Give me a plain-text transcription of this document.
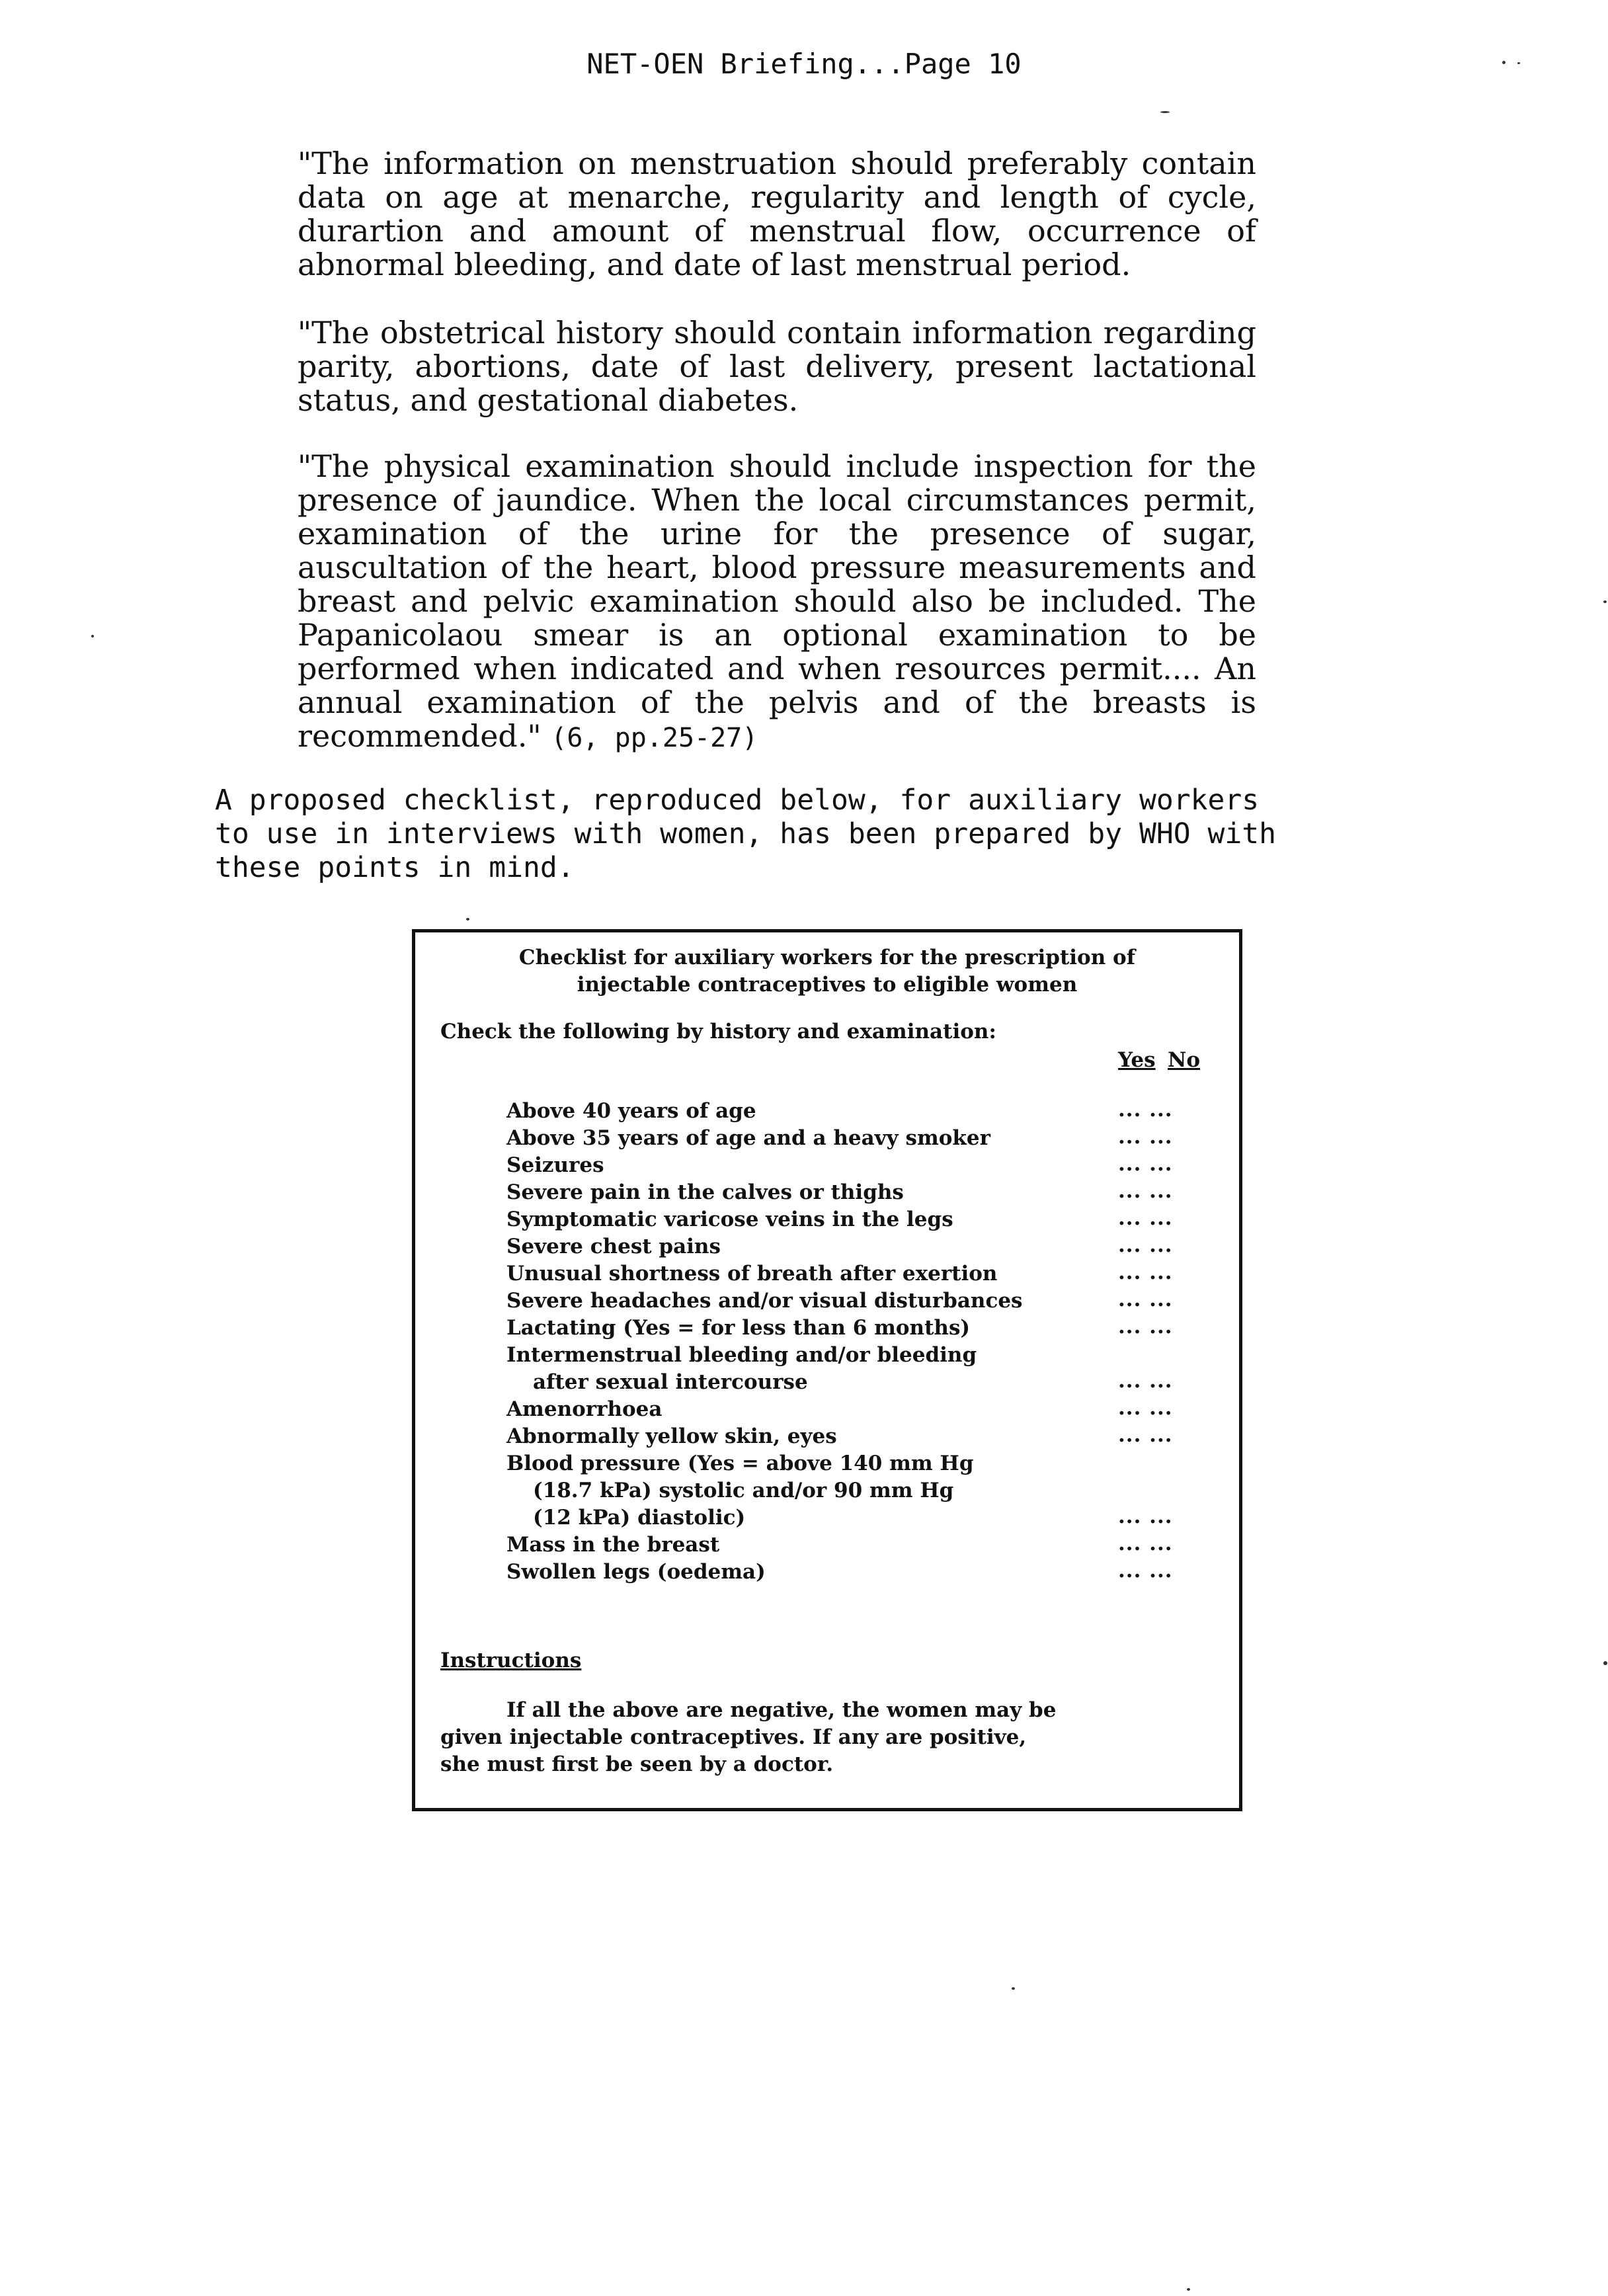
NET-OEN Briefing...Page 10

"The information on menstruation should preferably contain data on age at menarche, regularity and length of cycle, durartion and amount of menstrual flow, occurrence of abnormal bleeding, and date of last menstrual period.

"The obstetrical history should contain information regarding parity, abortions, date of last delivery, present lactational status, and gestational diabetes.

"The physical examination should include inspection for the presence of jaundice. When the local circumstances permit, examination of the urine for the presence of sugar, auscultation of the heart, blood pressure measurements and breast and pelvic examination should also be included. The Papanicolaou smear is an optional examination to be performed when indicated and when resources permit.... An annual examination of the pelvis and of the breasts is recommended." (6, pp.25-27)

A proposed checklist, reproduced below, for auxiliary workers
to use in interviews with women, has been prepared by WHO with
these points in mind.
Checklist for auxiliary workers for the prescription of
injectable contraceptives to eligible women
Check the following by history and examination:
Yes No
Above 40 years of age	... ...
Above 35 years of age and a heavy smoker	... ...
Seizures	... ...
Severe pain in the calves or thighs	... ...
Symptomatic varicose veins in the legs	... ...
Severe chest pains	... ...
Unusual shortness of breath after exertion	... ...
Severe headaches and/or visual disturbances	... ...
Lactating (Yes = for less than 6 months)	... ...
Intermenstrual bleeding and/or bleeding
after sexual intercourse	... ...
Amenorrhoea	... ...
Abnormally yellow skin, eyes	... ...
Blood pressure (Yes = above 140 mm Hg
(18.7 kPa) systolic and/or 90 mm Hg
(12 kPa) diastolic)	... ...
Mass in the breast	... ...
Swollen legs (oedema)	... ...
Instructions
If all the above are negative, the women may be
given injectable contraceptives. If any are positive,
she must first be seen by a doctor.
